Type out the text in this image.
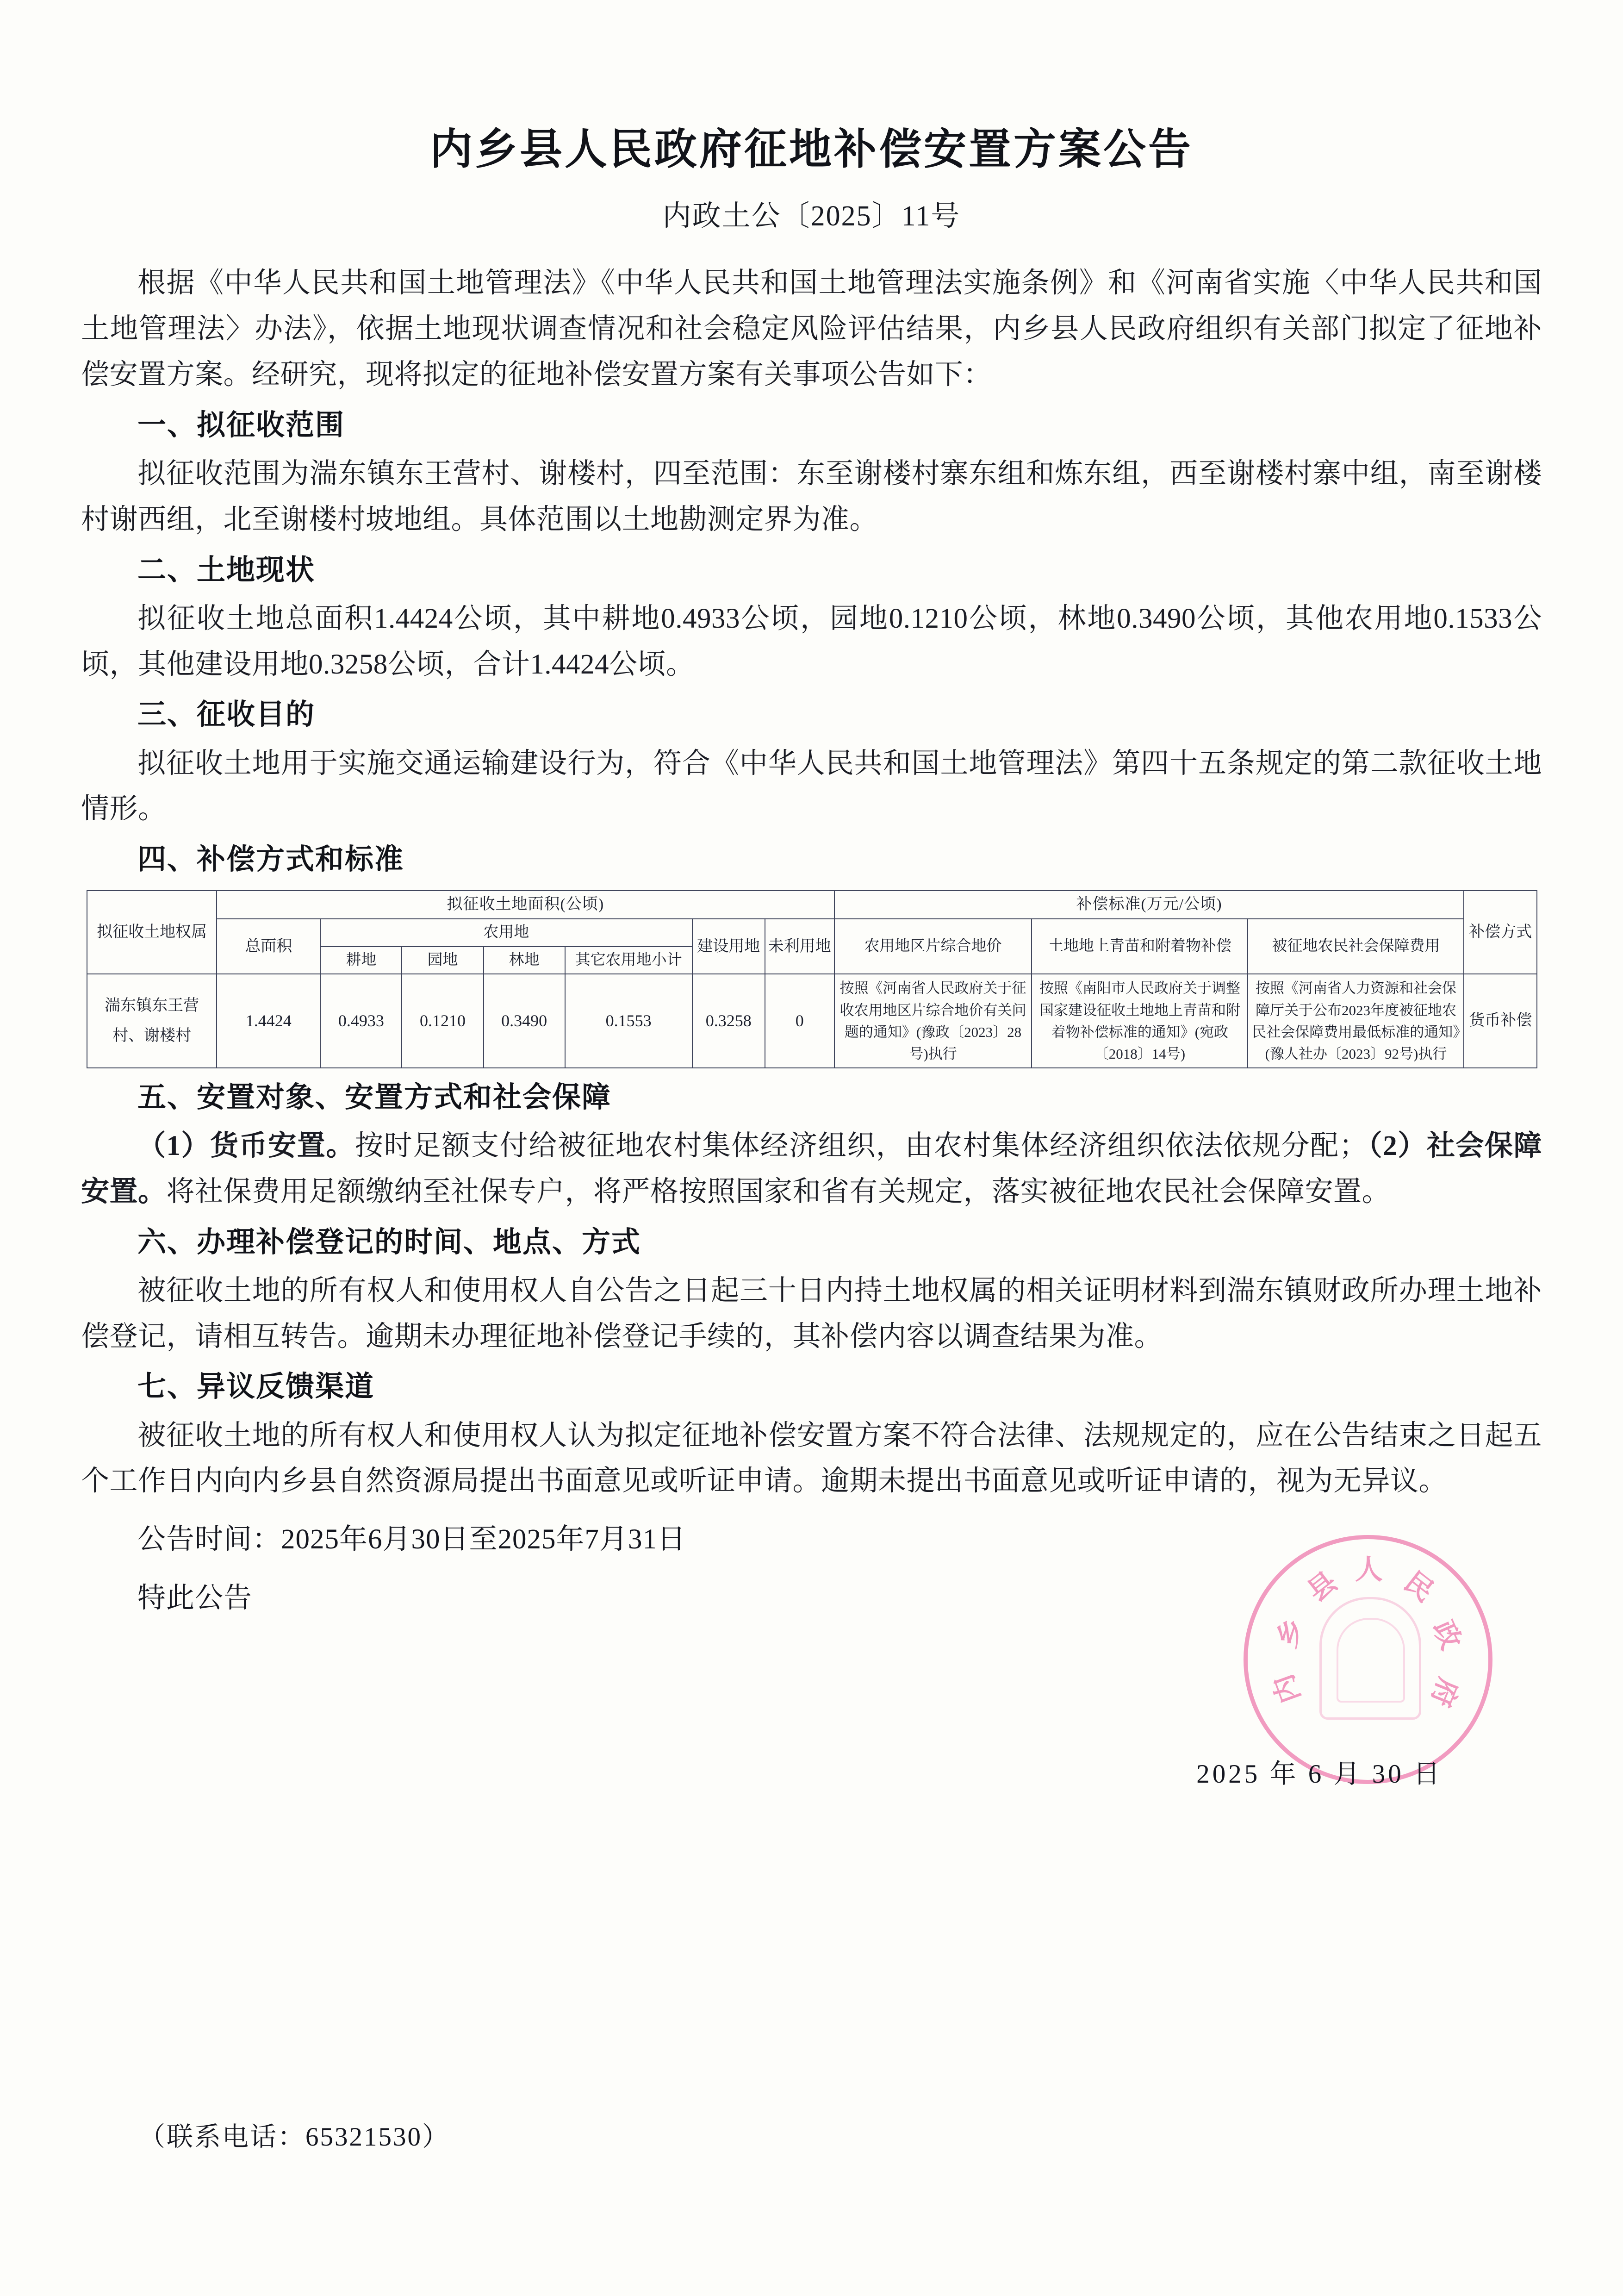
内乡县人民政府征地补偿安置方案公告
内政土公〔2025〕11号

根据《中华人民共和国土地管理法》《中华人民共和国土地管理法实施条例》和《河南省实施〈中华人民共和国土地管理法〉办法》，依据土地现状调查情况和社会稳定风险评估结果，内乡县人民政府组织有关部门拟定了征地补偿安置方案。经研究，现将拟定的征地补偿安置方案有关事项公告如下：

一、拟征收范围

拟征收范围为湍东镇东王营村、谢楼村，四至范围：东至谢楼村寨东组和炼东组，西至谢楼村寨中组，南至谢楼村谢西组，北至谢楼村坡地组。具体范围以土地勘测定界为准。

二、土地现状

拟征收土地总面积1.4424公顷，其中耕地0.4933公顷，园地0.1210公顷，林地0.3490公顷，其他农用地0.1533公顷，其他建设用地0.3258公顷，合计1.4424公顷。

三、征收目的

拟征收土地用于实施交通运输建设行为，符合《中华人民共和国土地管理法》第四十五条规定的第二款征收土地情形。

四、补偿方式和标准
拟征收土地权属	拟征收土地面积(公顷)							补偿标准(万元/公顷)			补偿方式
	总面积	农用地				建设用地	未利用地	农用地区片综合地价	土地地上青苗和附着物补偿	被征地农民社会保障费用	
		耕地	园地	林地	其它农用地小计						
湍东镇东王营村、谢楼村	1.4424	0.4933	0.1210	0.3490	0.1553	0.3258	0	按照《河南省人民政府关于征收农用地区片综合地价有关问题的通知》(豫政〔2023〕28号)执行	按照《南阳市人民政府关于调整国家建设征收土地地上青苗和附着物补偿标准的通知》(宛政〔2018〕14号)	按照《河南省人力资源和社会保障厅关于公布2023年度被征地农民社会保障费用最低标准的通知》(豫人社办〔2023〕92号)执行	货币补偿
五、安置对象、安置方式和社会保障

（1）货币安置。按时足额支付给被征地农村集体经济组织，由农村集体经济组织依法依规分配；（2）社会保障安置。将社保费用足额缴纳至社保专户，将严格按照国家和省有关规定，落实被征地农民社会保障安置。

六、办理补偿登记的时间、地点、方式

被征收土地的所有权人和使用权人自公告之日起三十日内持土地权属的相关证明材料到湍东镇财政所办理土地补偿登记，请相互转告。逾期未办理征地补偿登记手续的，其补偿内容以调查结果为准。

七、异议反馈渠道

被征收土地的所有权人和使用权人认为拟定征地补偿安置方案不符合法律、法规规定的，应在公告结束之日起五个工作日内向内乡县自然资源局提出书面意见或听证申请。逾期未提出书面意见或听证申请的，视为无异议。

公告时间：2025年6月30日至2025年7月31日

特此公告

人
县
乡
内
民
政
府
2025 年 6 月 30 日
（联系电话：65321530）
